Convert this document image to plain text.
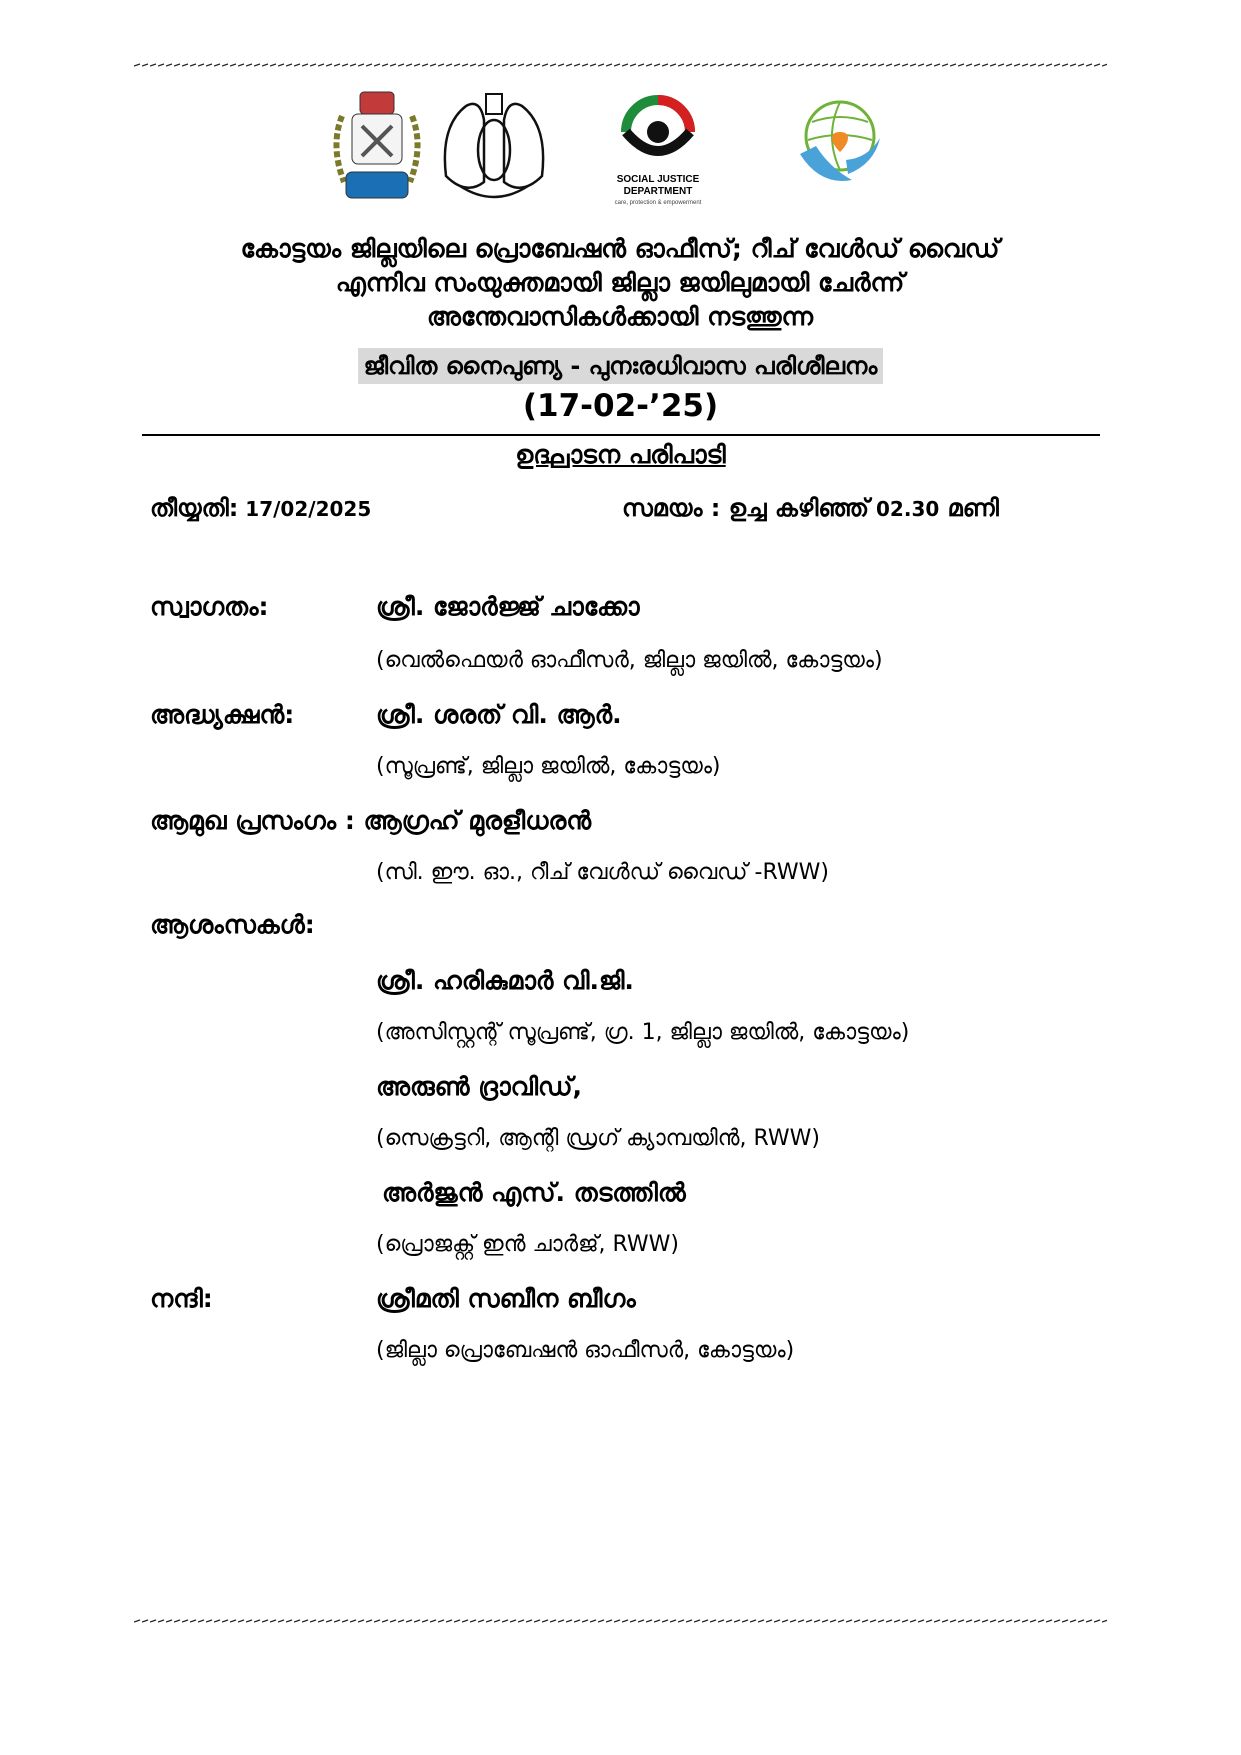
SOCIAL JUSTICE
DEPARTMENT
care, protection & empowerment
കോട്ടയം ജില്ലയിലെ പ്രൊബേഷൻ ഓഫീസ്; റീച് വേൾഡ് വൈഡ്
എന്നിവ സംയുക്തമായി ജില്ലാ ജയിലുമായി ചേർന്ന്
അന്തേവാസികൾക്കായി നടത്തുന്ന
ജീവിത നൈപുണ്യ - പുനഃരധിവാസ പരിശീലനം
(17-02-’25)
ഉദ്ഘാടന പരിപാടി
തീയ്യതി: 17/02/2025	സമയം : ഉച്ച കഴിഞ്ഞ് 02.30 മണി
സ്വാഗതം:	ശ്രീ. ജോർജ്ജ് ചാക്കോ
(വെൽഫെയർ ഓഫീസർ, ജില്ലാ ജയിൽ, കോട്ടയം)
അദ്ധ്യക്ഷൻ:	ശ്രീ. ശരത് വി. ആർ.
(സൂപ്രണ്ട്, ജില്ലാ ജയിൽ, കോട്ടയം)
ആമുഖ പ്രസംഗം : ആഗ്രഹ് മുരളീധരൻ
(സി. ഈ. ഓ., റീച് വേൾഡ് വൈഡ് -RWW)
ആശംസകൾ:
ശ്രീ. ഹരികുമാർ വി.ജി.
(അസിസ്റ്റന്റ് സൂപ്രണ്ട്, ഗ്ര. 1, ജില്ലാ ജയിൽ, കോട്ടയം)
അരുൺ ദ്രാവിഡ്,
(സെക്രട്ടറി, ആന്റി ഡ്രഗ് ക്യാമ്പയിൻ, RWW)
അർജുൻ എസ്. തടത്തിൽ
(പ്രൊജക്റ്റ് ഇൻ ചാർജ്, RWW)
നന്ദി:	ശ്രീമതി സബീന ബീഗം
(ജില്ലാ പ്രൊബേഷൻ ഓഫീസർ, കോട്ടയം)
